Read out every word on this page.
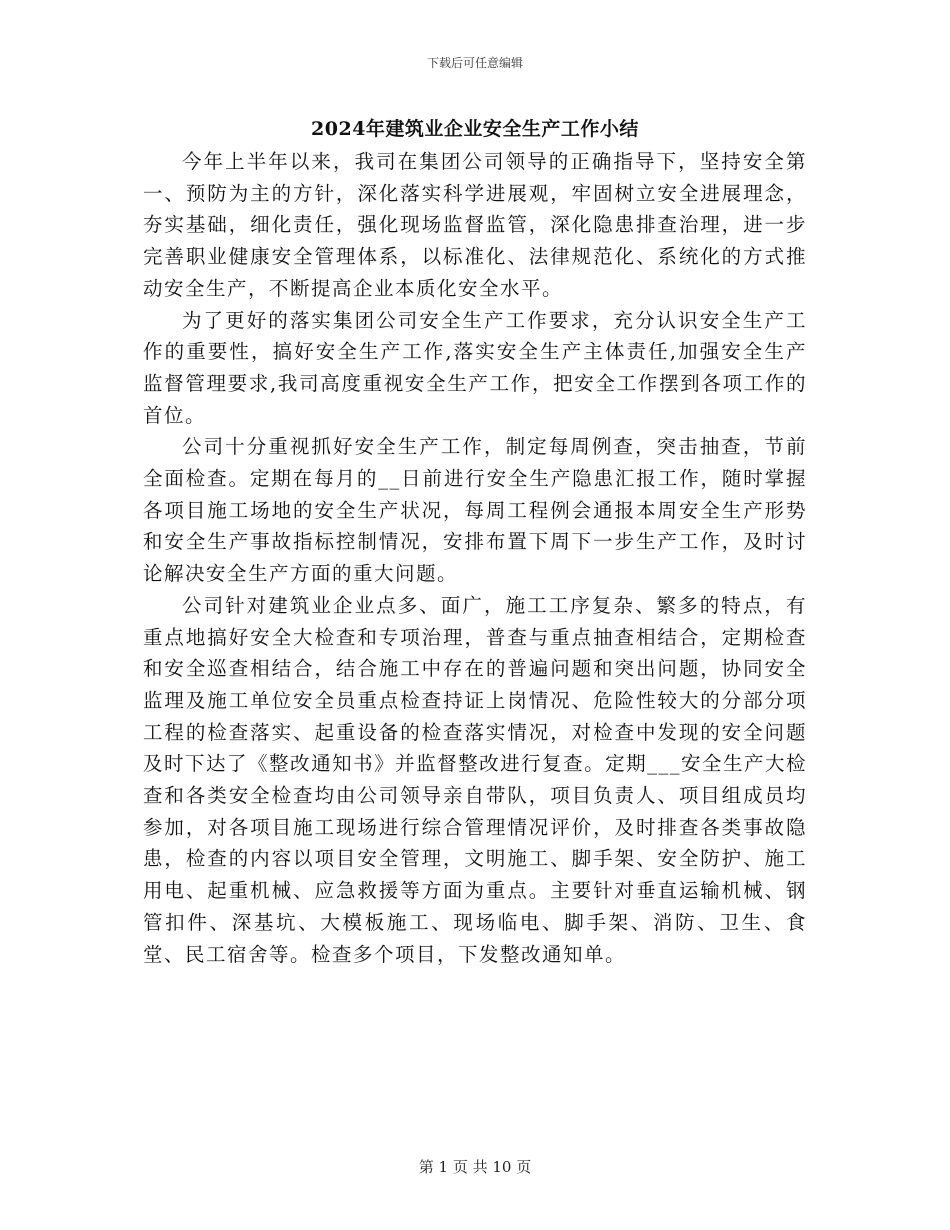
下载后可任意编辑
2024年建筑业企业安全生产工作小结

今年上半年以来，我司在集团公司领导的正确指导下，坚持安全第一、预防为主的方针，深化落实科学进展观，牢固树立安全进展理念，夯实基础，细化责任，强化现场监督监管，深化隐患排查治理，进一步完善职业健康安全管理体系，以标准化、法律规范化、系统化的方式推动安全生产，不断提高企业本质化安全水平。

为了更好的落实集团公司安全生产工作要求，充分认识安全生产工作的重要性，搞好安全生产工作,落实安全生产主体责任,加强安全生产监督管理要求,我司高度重视安全生产工作，把安全工作摆到各项工作的首位。

公司十分重视抓好安全生产工作，制定每周例查，突击抽查，节前全面检查。定期在每月的__日前进行安全生产隐患汇报工作，随时掌握各项目施工场地的安全生产状况，每周工程例会通报本周安全生产形势和安全生产事故指标控制情况，安排布置下周下一步生产工作，及时讨论解决安全生产方面的重大问题。

公司针对建筑业企业点多、面广，施工工序复杂、繁多的特点，有重点地搞好安全大检查和专项治理，普查与重点抽查相结合，定期检查和安全巡查相结合，结合施工中存在的普遍问题和突出问题，协同安全监理及施工单位安全员重点检查持证上岗情况、危险性较大的分部分项工程的检查落实、起重设备的检查落实情况，对检查中发现的安全问题及时下达了《整改通知书》并监督整改进行复查。定期___安全生产大检查和各类安全检查均由公司领导亲自带队，项目负责人、项目组成员均参加，对各项目施工现场进行综合管理情况评价，及时排查各类事故隐患，检查的内容以项目安全管理，文明施工、脚手架、安全防护、施工用电、起重机械、应急救援等方面为重点。主要针对垂直运输机械、钢管扣件、深基坑、大模板施工、现场临电、脚手架、消防、卫生、食堂、民工宿舍等。检查多个项目，下发整改通知单。

第 1 页 共 10 页
